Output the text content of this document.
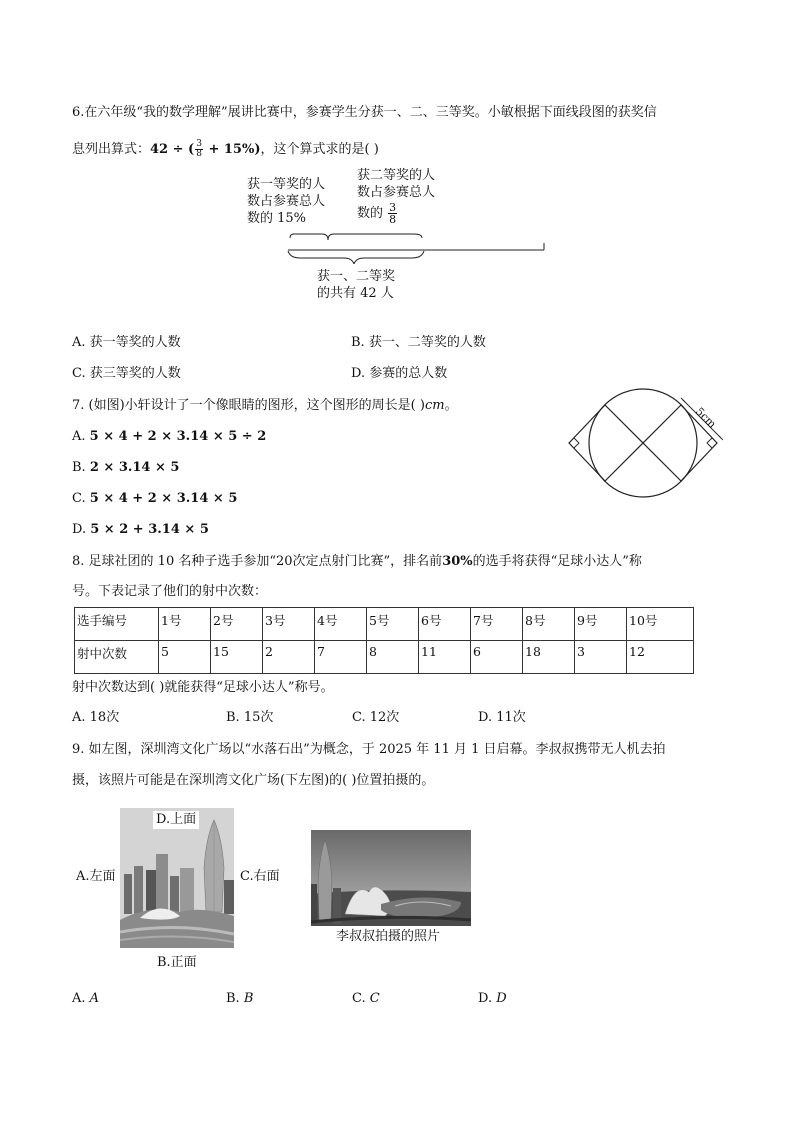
6.在六年级“我的数学理解”展讲比赛中，参赛学生分获一、二、三等奖。小敏根据下面线段图的获奖信
息列出算式：42 ÷ ( $\frac{3}{8} + 15\%$)，这个算式求的是( )
获一等奖的人
数占参赛总人
数的 15%
获二等奖的人
数占参赛总人
数的
$\frac{3}{8}$
获一、二等奖
的共有 42 人
A. 获一等奖的人数	B. 获一、二等奖的人数
C. 获三等奖的人数	D. 参赛的总人数
7. (如图)小轩设计了一个像眼睛的图形，这个图形的周长是( )cm。
A. 5 × 4 + 2 × 3.14 × 5 ÷ 2
B. 2 × 3.14 × 5
C. 5 × 4 + 2 × 3.14 × 5
D. 5 × 2 + 3.14 × 5
5cm
8. 足球社团的 10 名种子选手参加“20次定点射门比赛”，排名前30%的选手将获得“足球小达人”称
号。下表记录了他们的射中次数：
选手编号	1号	2号	3号	4号	5号	6号	7号	8号	9号	10号
射中次数	5	15	2	7	8	11	6	18	3	12
射中次数达到( )就能获得“足球小达人”称号。
A. 18次	B. 15次	C. 12次	D. 11次
9. 如左图，深圳湾文化广场以“水落石出”为概念，于 2025 年 11 月 1 日启幕。李叔叔携带无人机去拍
摄，该照片可能是在深圳湾文化广场(下左图)的( )位置拍摄的。
D.上面
A.左面	C.右面
B.正面
李叔叔拍摄的照片
A. A	B. B	C. C	D. D
